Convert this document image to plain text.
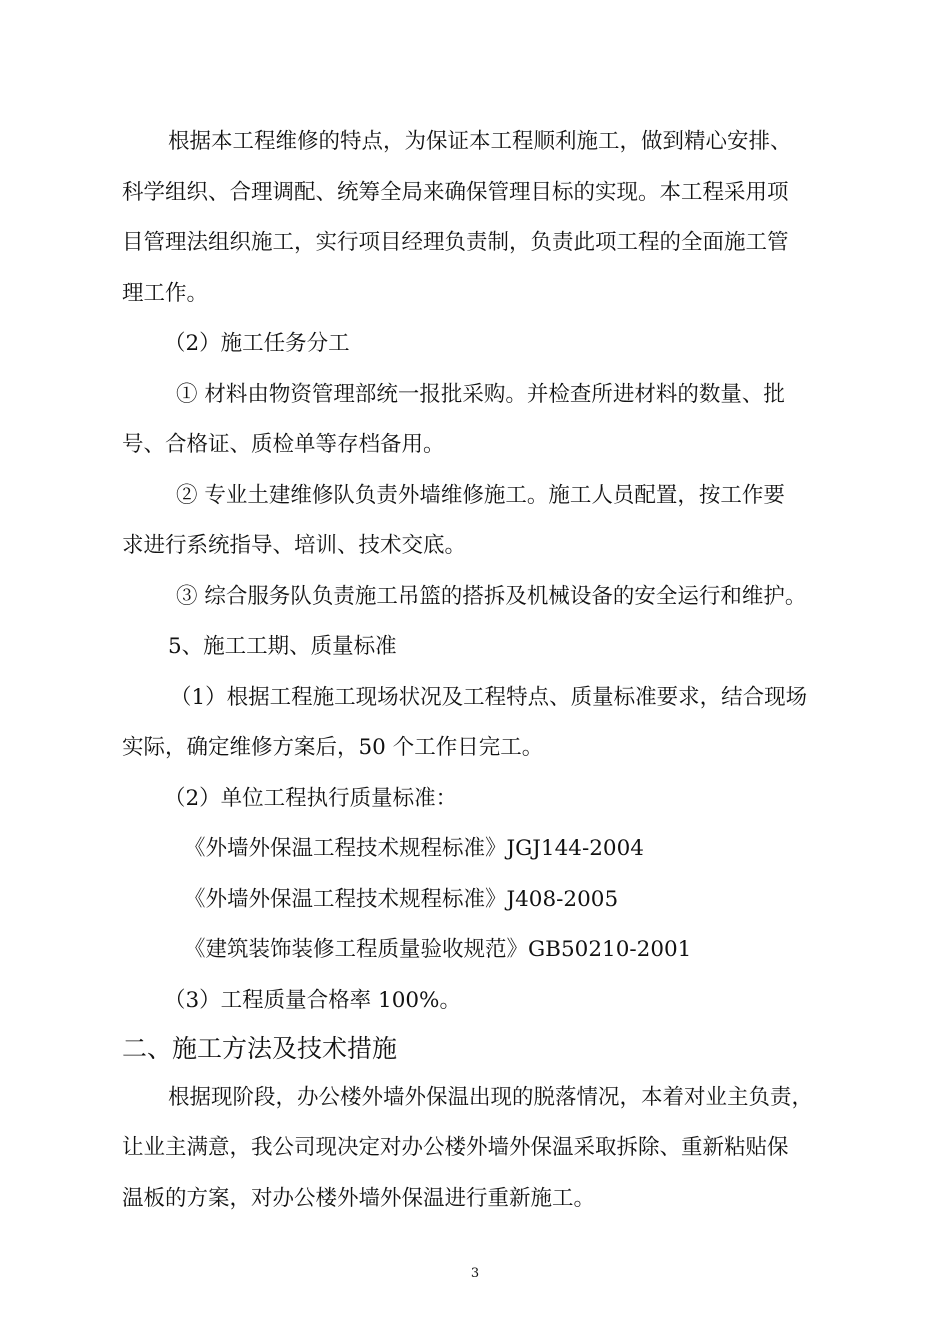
根据本工程维修的特点，为保证本工程顺利施工，做到精心安排、
科学组织、合理调配、统筹全局来确保管理目标的实现。本工程采用项
目管理法组织施工，实行项目经理负责制，负责此项工程的全面施工管
理工作。
（2）施工任务分工
① 材料由物资管理部统一报批采购。并检查所进材料的数量、批
号、合格证、质检单等存档备用。
② 专业土建维修队负责外墙维修施工。施工人员配置，按工作要
求进行系统指导、培训、技术交底。
③ 综合服务队负责施工吊篮的搭拆及机械设备的安全运行和维护。
5、施工工期、质量标准
（1）根据工程施工现场状况及工程特点、质量标准要求，结合现场
实际，确定维修方案后，50 个工作日完工。
（2）单位工程执行质量标准：
《外墙外保温工程技术规程标准》JGJ144-2004
《外墙外保温工程技术规程标准》J408-2005
《建筑装饰装修工程质量验收规范》GB50210-2001
（3）工程质量合格率 100%。
二、施工方法及技术措施
根据现阶段，办公楼外墙外保温出现的脱落情况，本着对业主负责，
让业主满意，我公司现决定对办公楼外墙外保温采取拆除、重新粘贴保
温板的方案，对办公楼外墙外保温进行重新施工。
3
